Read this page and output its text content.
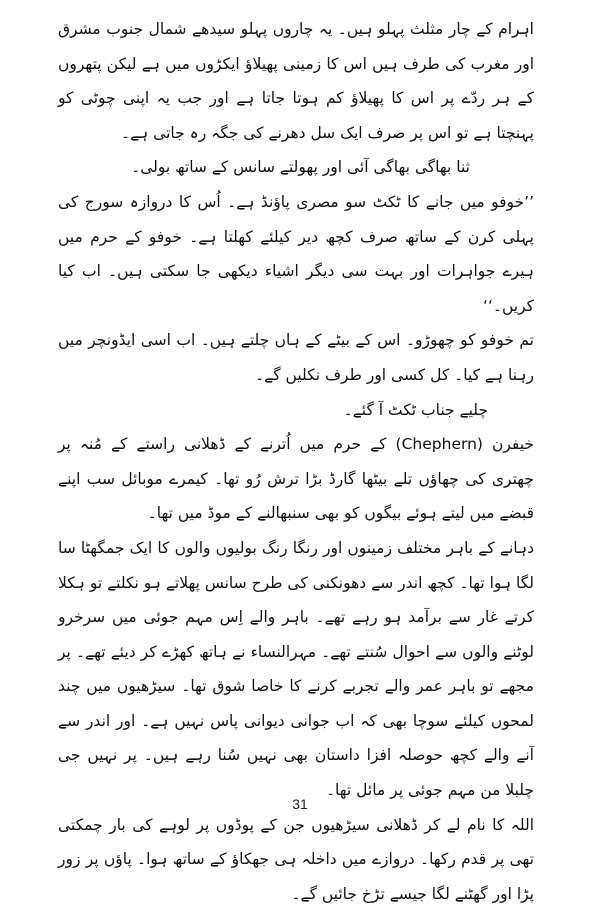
اہرام کے چار مثلث پہلو ہیں۔ یہ چاروں پہلو سیدھے شمال جنوب مشرق اور مغرب کی طرف ہیں اس کا زمینی پھیلاؤ ایکڑوں میں ہے لیکن پتھروں کے ہر ردّے پر اس کا پھیلاؤ کم ہوتا جاتا ہے اور جب یہ اپنی چوٹی کو پہنچتا ہے تو اس پر صرف ایک سل دھرنے کی جگہ رہ جاتی ہے۔

ثنا بھاگی بھاگی آئی اور پھولتے سانس کے ساتھ بولی۔

’’خوفو میں جانے کا ٹکٹ سو مصری پاؤنڈ ہے۔ اُس کا دروازہ سورج کی پہلی کرن کے ساتھ صرف کچھ دیر کیلئے کھلتا ہے۔ خوفو کے حرم میں ہیرے جواہرات اور بہت سی دیگر اشیاء دیکھی جا سکتی ہیں۔ اب کیا کریں۔‘‘

تم خوفو کو چھوڑو۔ اس کے بیٹے کے ہاں چلتے ہیں۔ اب اسی ایڈونچر میں رہنا ہے کیا۔ کل کسی اور طرف نکلیں گے۔

چلیے جناب ٹکٹ آ گئے۔

خیفرن (Chephern) کے حرم میں اُترنے کے ڈھلانی راستے کے مُنہ پر چھتری کی چھاؤں تلے بیٹھا گارڈ بڑا ترش رُو تھا۔ کیمرے موبائل سب اپنے قبضے میں لیتے ہوئے بیگوں کو بھی سنبھالنے کے موڈ میں تھا۔

دہانے کے باہر مختلف زمینوں اور رنگا رنگ بولیوں والوں کا ایک جمگھٹا سا لگا ہوا تھا۔ کچھ اندر سے دھونکنی کی طرح سانس پھلاتے ہو نکلتے تو ہکلا کرتے غار سے برآمد ہو رہے تھے۔ باہر والے اِس مہم جوئی میں سرخرو لوٹنے والوں سے احوال سُنتے تھے۔ مہرالنساء نے ہاتھ کھڑے کر دیئے تھے۔ پر مجھے تو باہر عمر والے تجربے کرنے کا خاصا شوق تھا۔ سیڑھیوں میں چند لمحوں کیلئے سوچا بھی کہ اب جوانی دیوانی پاس نہیں ہے۔ اور اندر سے آنے والے کچھ حوصلہ افزا داستان بھی نہیں سُنا رہے ہیں۔ پر نہیں جی چلبلا من مہم جوئی پر مائل تھا۔

اللہ کا نام لے کر ڈھلانی سیڑھیوں جن کے پوڈوں پر لوہے کی بار چمکتی تھی پر قدم رکھا۔ دروازے میں داخلہ ہی جھکاؤ کے ساتھ ہوا۔ پاؤں پر زور پڑا اور گھٹنے لگا جیسے تڑخ جائیں گے۔

31
